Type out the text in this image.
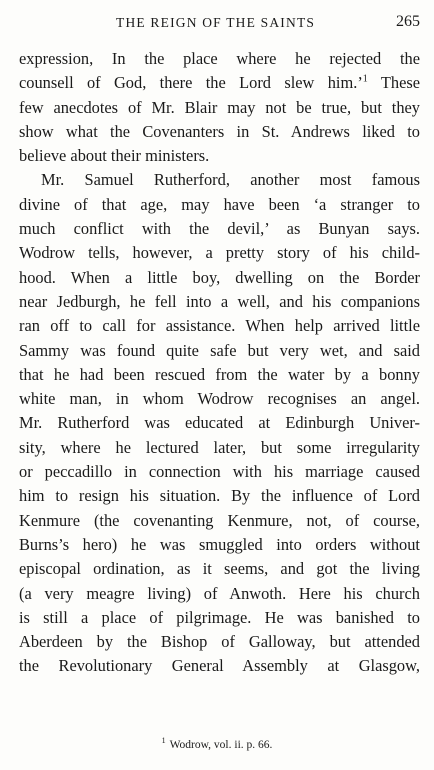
THE REIGN OF THE SAINTS	265
expression, In the place where he rejected the
counsell of God, there the Lord slew him.’$^1$ These
few anecdotes of Mr. Blair may not be true, but they
show what the Covenanters in St. Andrews liked to
believe about their ministers.
Mr. Samuel Rutherford, another most famous
divine of that age, may have been ‘a stranger to
much conflict with the devil,’ as Bunyan says.
Wodrow tells, however, a pretty story of his child-
hood. When a little boy, dwelling on the Border
near Jedburgh, he fell into a well, and his companions
ran off to call for assistance. When help arrived little
Sammy was found quite safe but very wet, and said
that he had been rescued from the water by a bonny
white man, in whom Wodrow recognises an angel.
Mr. Rutherford was educated at Edinburgh Univer-
sity, where he lectured later, but some irregularity
or peccadillo in connection with his marriage caused
him to resign his situation. By the influence of Lord
Kenmure (the covenanting Kenmure, not, of course,
Burns’s hero) he was smuggled into orders without
episcopal ordination, as it seems, and got the living
(a very meagre living) of Anwoth. Here his church
is still a place of pilgrimage. He was banished to
Aberdeen by the Bishop of Galloway, but attended
the Revolutionary General Assembly at Glasgow,
$^1$ Wodrow, vol. ii. p. 66.
